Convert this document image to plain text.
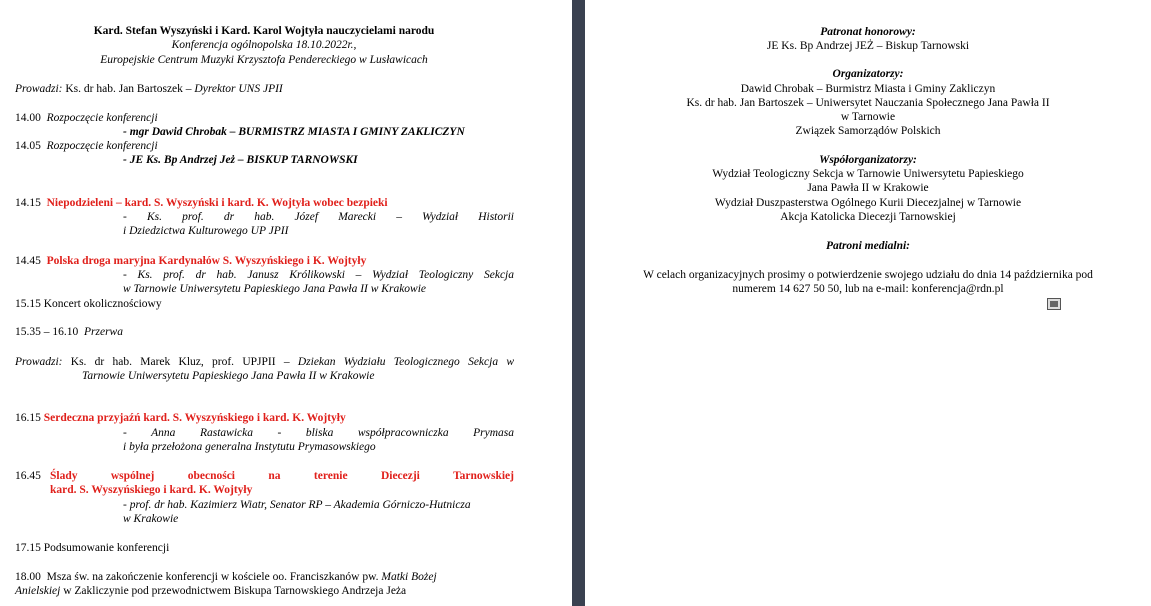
Kard. Stefan Wyszyński i Kard. Karol Wojtyła nauczycielami narodu
Konferencja ogólnopolska 18.10.2022r.,
Europejskie Centrum Muzyki Krzysztofa Pendereckiego w Lusławicach
Prowadzi: Ks. dr hab. Jan Bartoszek – Dyrektor UNS JPII
14.00 Rozpoczęcie konferencji
- mgr Dawid Chrobak – BURMISTRZ MIASTA I GMINY ZAKLICZYN
14.05 Rozpoczęcie konferencji
- JE Ks. Bp Andrzej Jeż – BISKUP TARNOWSKI
14.15 Niepodzieleni – kard. S. Wyszyński i kard. K. Wojtyła wobec bezpieki
- Ks. prof. dr hab. Józef Marecki – Wydział Historii
i Dziedzictwa Kulturowego UP JPII
14.45 Polska droga maryjna Kardynałów S. Wyszyńskiego i K. Wojtyły
- Ks. prof. dr hab. Janusz Królikowski – Wydział Teologiczny Sekcja
w Tarnowie Uniwersytetu Papieskiego Jana Pawła II w Krakowie
15.15 Koncert okolicznościowy
15.35 – 16.10 Przerwa
Prowadzi: Ks. dr hab. Marek Kluz, prof. UPJPII – Dziekan Wydziału Teologicznego Sekcja w
Tarnowie Uniwersytetu Papieskiego Jana Pawła II w Krakowie
16.15 Serdeczna przyjaźń kard. S. Wyszyńskiego i kard. K. Wojtyły
- Anna Rastawicka - bliska współpracowniczka Prymasa
i była przełożona generalna Instytutu Prymasowskiego
16.45 Ślady wspólnej obecności na terenie Diecezji Tarnowskiej
kard. S. Wyszyńskiego i kard. K. Wojtyły
- prof. dr hab. Kazimierz Wiatr, Senator RP – Akademia Górniczo-Hutnicza
w Krakowie
17.15 Podsumowanie konferencji
18.00 Msza św. na zakończenie konferencji w kościele oo. Franciszkanów pw. Matki Bożej
Anielskiej w Zakliczynie pod przewodnictwem Biskupa Tarnowskiego Andrzeja Jeża
Patronat honorowy:
JE Ks. Bp Andrzej JEŻ – Biskup Tarnowski
Organizatorzy:
Dawid Chrobak – Burmistrz Miasta i Gminy Zakliczyn
Ks. dr hab. Jan Bartoszek – Uniwersytet Nauczania Społecznego Jana Pawła II
w Tarnowie
Związek Samorządów Polskich
Współorganizatorzy:
Wydział Teologiczny Sekcja w Tarnowie Uniwersytetu Papieskiego
Jana Pawła II w Krakowie
Wydział Duszpasterstwa Ogólnego Kurii Diecezjalnej w Tarnowie
Akcja Katolicka Diecezji Tarnowskiej
Patroni medialni:
W celach organizacyjnych prosimy o potwierdzenie swojego udziału do dnia 14 października pod
numerem 14 627 50 50, lub na e-mail: konferencja@rdn.pl
